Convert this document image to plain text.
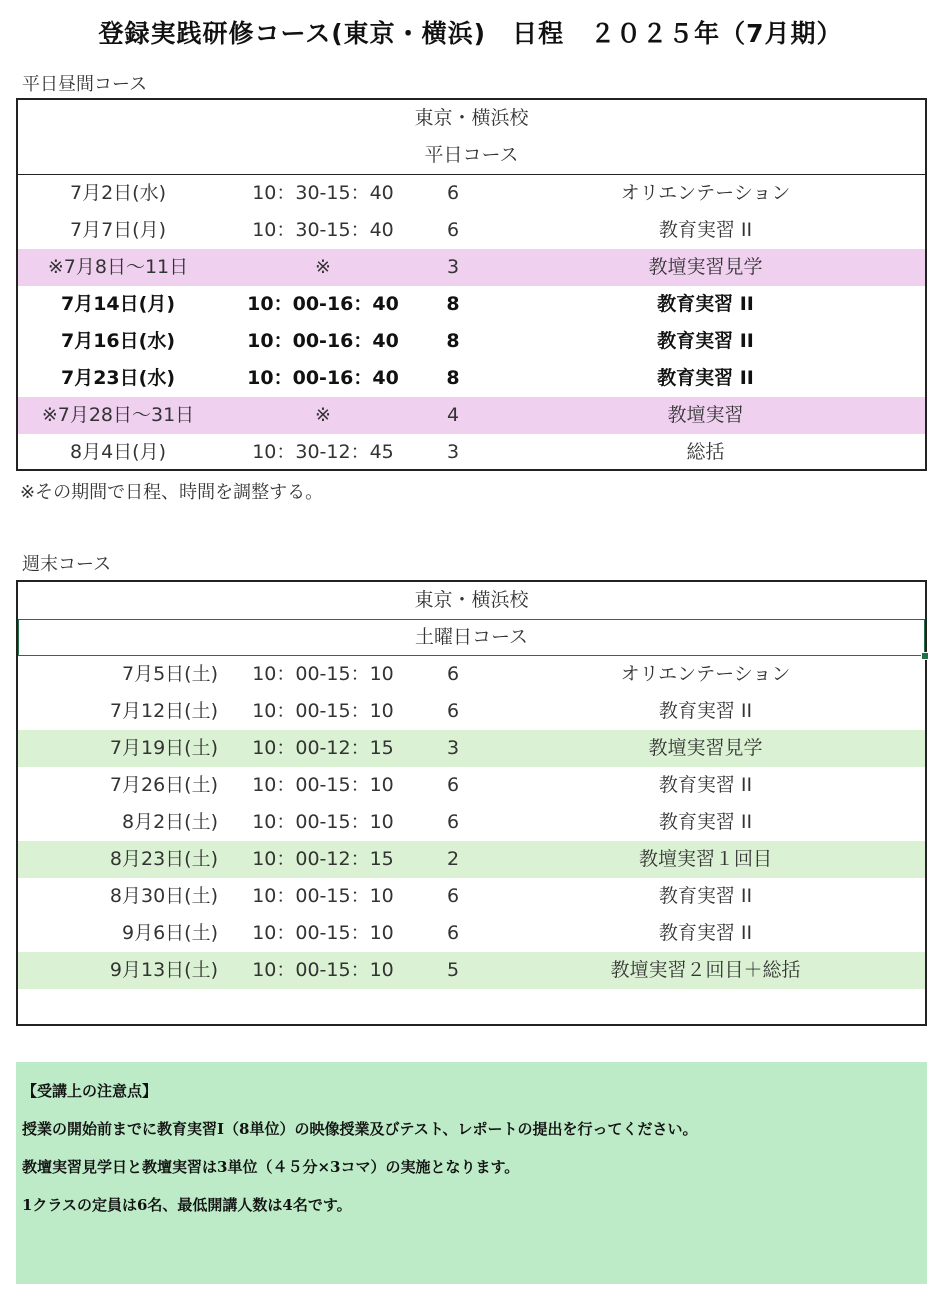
登録実践研修コース(東京・横浜)　日程　２０２５年（7月期）
平日昼間コース
東京・横浜校
平日コース
7月2日(水)	10：30-15：40	6	オリエンテーション
7月7日(月)	10：30-15：40	6	教育実習 II
※7月8日～11日	※	3	教壇実習見学
7月14日(月)	10：00-16：40	8	教育実習 II
7月16日(水)	10：00-16：40	8	教育実習 II
7月23日(水)	10：00-16：40	8	教育実習 II
※7月28日～31日	※	4	教壇実習
8月4日(月)	10：30-12：45	3	総括
※その期間で日程、時間を調整する。
週末コース
東京・横浜校
土曜日コース
7月5日(土)	10：00-15：10	6	オリエンテーション
7月12日(土)	10：00-15：10	6	教育実習 II
7月19日(土)	10：00-12：15	3	教壇実習見学
7月26日(土)	10：00-15：10	6	教育実習 II
8月2日(土)	10：00-15：10	6	教育実習 II
8月23日(土)	10：00-12：15	2	教壇実習１回目
8月30日(土)	10：00-15：10	6	教育実習 II
9月6日(土)	10：00-15：10	6	教育実習 II
9月13日(土)	10：00-15：10	5	教壇実習２回目＋総括

【受講上の注意点】

授業の開始前までに教育実習Ⅰ（8単位）の映像授業及びテスト、レポートの提出を行ってください。

教壇実習見学日と教壇実習は3単位（４５分×3コマ）の実施となります。

1クラスの定員は6名、最低開講人数は4名です。
